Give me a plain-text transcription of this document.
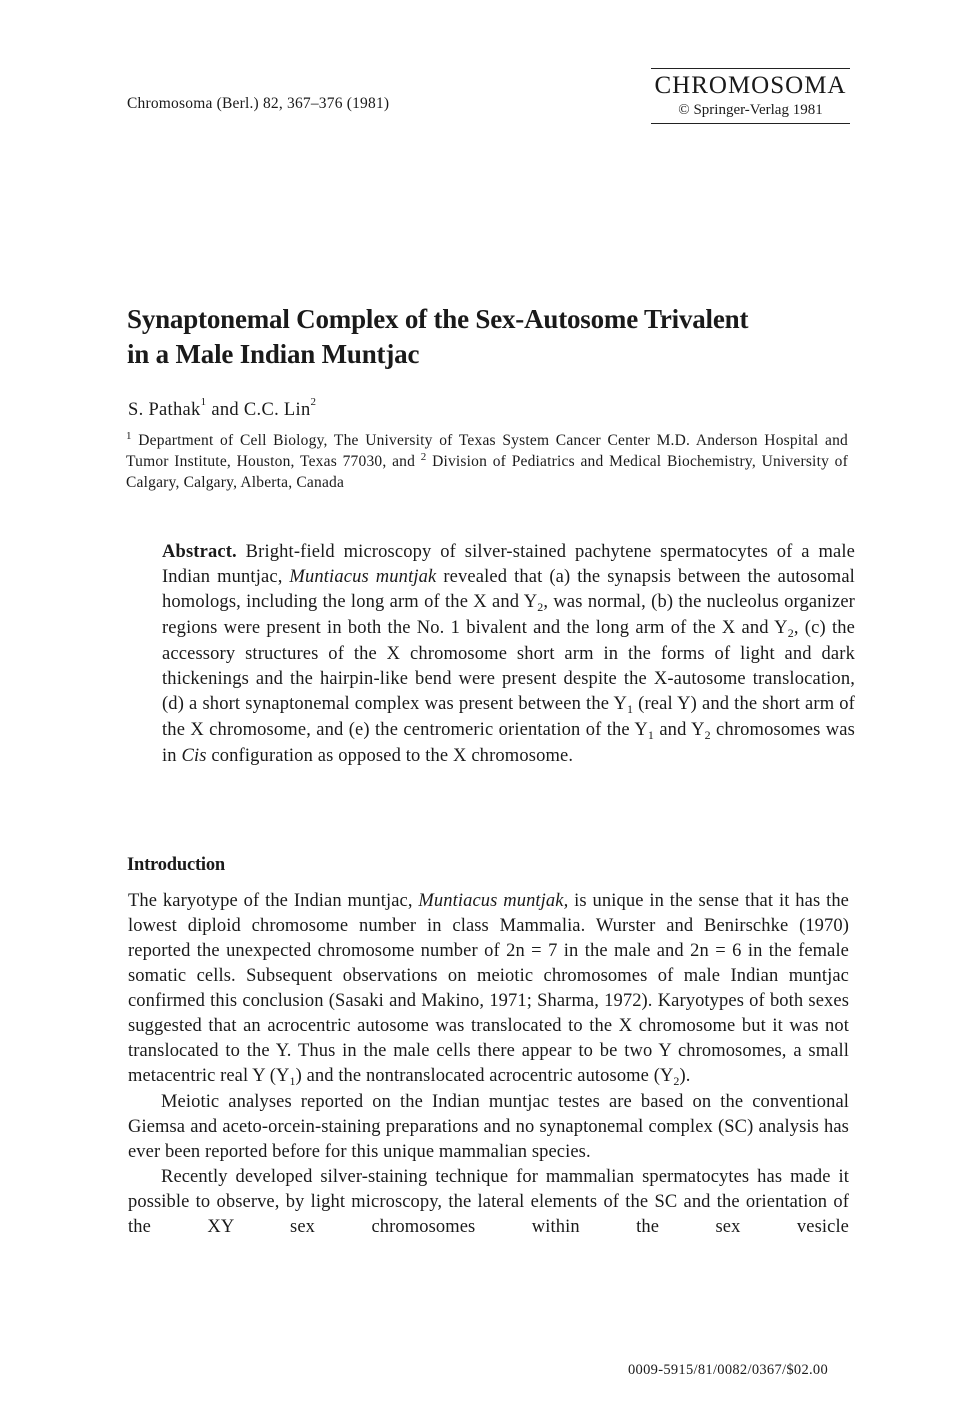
Chromosoma (Berl.) 82, 367–376 (1981)
CHROMOSOMA
© Springer-Verlag 1981
Synaptonemal Complex of the Sex-Autosome Trivalent
in a Male Indian Muntjac
S. Pathak$^1$ and C.C. Lin$^2$
$^1$ Department of Cell Biology, The University of Texas System Cancer Center M.D. Anderson Hospital and Tumor Institute, Houston, Texas 77030, and $^2$ Division of Pediatrics and Medical Biochemistry, University of Calgary, Calgary, Alberta, Canada
Abstract. Bright-field microscopy of silver-stained pachytene spermatocytes of a male Indian muntjac, Muntiacus muntjak revealed that (a) the synapsis between the autosomal homologs, including the long arm of the X and $Y_2$, was normal, (b) the nucleolus organizer regions were present in both the No. 1 bivalent and the long arm of the X and $Y_2$, (c) the accessory structures of the X chromosome short arm in the forms of light and dark thickenings and the hairpin-like bend were present despite the X-autosome translocation, (d) a short synaptonemal complex was present between the $Y_1$ (real Y) and the short arm of the X chromosome, and (e) the centromeric orientation of the $Y_1$ and $Y_2$ chromosomes was in Cis configuration as opposed to the X chromosome.
Introduction

The karyotype of the Indian muntjac, Muntiacus muntjak, is unique in the sense that it has the lowest diploid chromosome number in class Mammalia. Wurster and Benirschke (1970) reported the unexpected chromosome number of 2n = 7 in the male and 2n = 6 in the female somatic cells. Subsequent observations on meiotic chromosomes of male Indian muntjac confirmed this conclusion (Sasaki and Makino, 1971; Sharma, 1972). Karyotypes of both sexes suggested that an acrocentric autosome was translocated to the X chromosome but it was not translocated to the Y. Thus in the male cells there appear to be two Y chromosomes, a small metacentric real Y $(Y_1)$ and the nontranslocated acrocentric autosome $(Y_2)$.

Meiotic analyses reported on the Indian muntjac testes are based on the conventional Giemsa and aceto-orcein-staining preparations and no synaptonemal complex (SC) analysis has ever been reported before for this unique mammalian species.

Recently developed silver-staining technique for mammalian spermatocytes has made it possible to observe, by light microscopy, the lateral elements of the SC and the orientation of the XY sex chromosomes within the sex vesicle

0009-5915/81/0082/0367/$02.00
